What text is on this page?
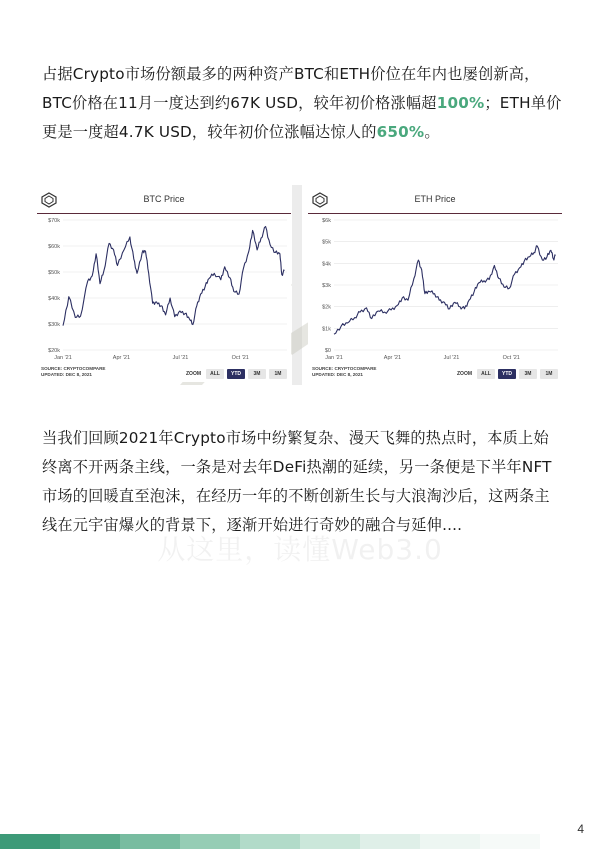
占据Crypto市场份额最多的两种资产BTC和ETH价位在年内也屡创新高，BTC价格在11月一度达到约67K USD，较年初价格涨幅超100%；ETH单价更是一度超4.7K USD，较年初价位涨幅达惊人的650%。

BTC Price
$20k
$30k
$40k
$50k
$60k
$70k
Jan '21	Apr '21	Jul '21	Oct '21
SOURCE: CRYPTOCOMPARE
UPDATED: DEC 8, 2021	ZOOM	ALL	YTD	3M	1M
ETH Price
$0
$1k
$2k
$3k
$4k
$5k
$6k
Jan '21	Apr '21	Jul '21	Oct '21
SOURCE: CRYPTOCOMPARE
UPDATED: DEC 8, 2021	ZOOM	ALL	YTD	3M	1M

当我们回顾2021年Crypto市场中纷繁复杂、漫天飞舞的热点时，本质上始终离不开两条主线，一条是对去年DeFi热潮的延续，另一条便是下半年NFT市场的回暖直至泡沫，在经历一年的不断创新生长与大浪淘沙后，这两条主线在元宇宙爆火的背景下，逐渐开始进行奇妙的融合与延伸....

从这里，读懂Web3.0
4
